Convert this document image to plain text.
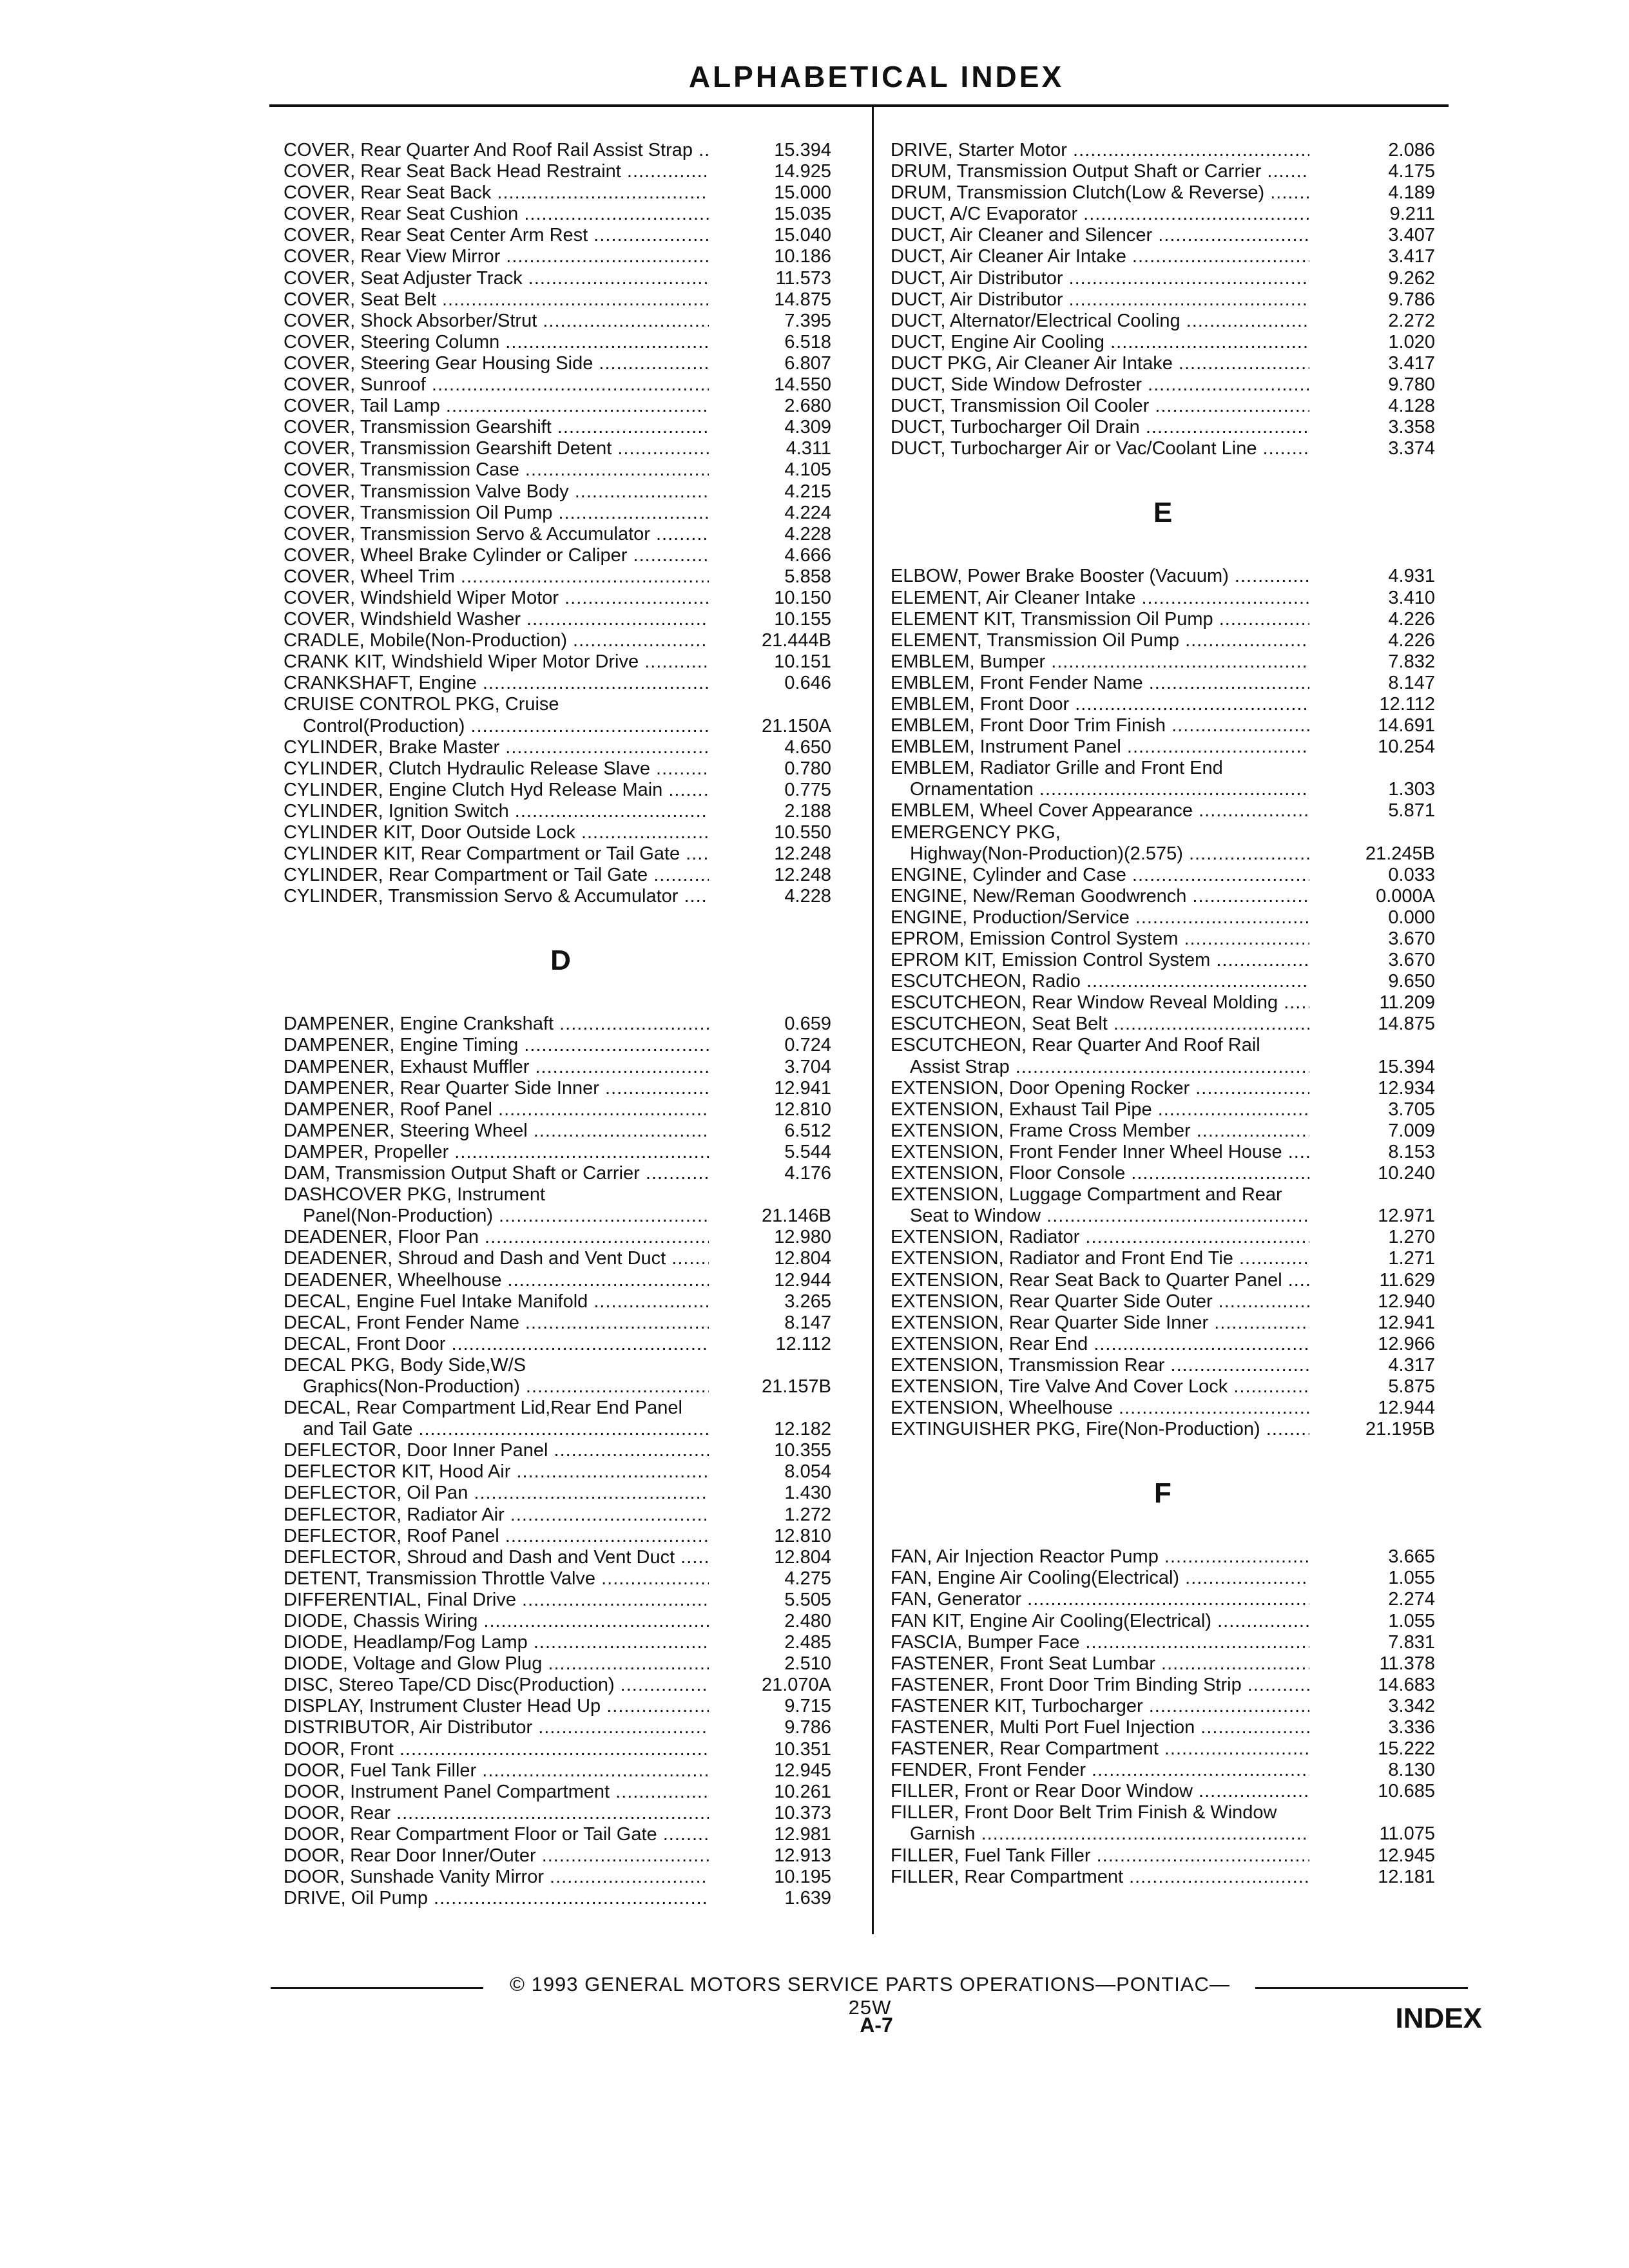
ALPHABETICAL INDEX
COVER, Rear Quarter And Roof Rail Assist Strap .....	15.394
COVER, Rear Seat Back Head Restraint .....	14.925
COVER, Rear Seat Back .....	15.000
COVER, Rear Seat Cushion .....	15.035
COVER, Rear Seat Center Arm Rest .....	15.040
COVER, Rear View Mirror .....	10.186
COVER, Seat Adjuster Track .....	11.573
COVER, Seat Belt .....	14.875
COVER, Shock Absorber/Strut .....	7.395
COVER, Steering Column .....	6.518
COVER, Steering Gear Housing Side .....	6.807
COVER, Sunroof .....	14.550
COVER, Tail Lamp .....	2.680
COVER, Transmission Gearshift .....	4.309
COVER, Transmission Gearshift Detent .....	4.311
COVER, Transmission Case .....	4.105
COVER, Transmission Valve Body .....	4.215
COVER, Transmission Oil Pump .....	4.224
COVER, Transmission Servo & Accumulator .....	4.228
COVER, Wheel Brake Cylinder or Caliper .....	4.666
COVER, Wheel Trim .....	5.858
COVER, Windshield Wiper Motor .....	10.150
COVER, Windshield Washer .....	10.155
CRADLE, Mobile(Non-Production) .....	21.444B
CRANK KIT, Windshield Wiper Motor Drive .....	10.151
CRANKSHAFT, Engine .....	0.646
CRUISE CONTROL PKG, Cruise
Control(Production) .....	21.150A
CYLINDER, Brake Master .....	4.650
CYLINDER, Clutch Hydraulic Release Slave .....	0.780
CYLINDER, Engine Clutch Hyd Release Main .....	0.775
CYLINDER, Ignition Switch .....	2.188
CYLINDER KIT, Door Outside Lock .....	10.550
CYLINDER KIT, Rear Compartment or Tail Gate .....	12.248
CYLINDER, Rear Compartment or Tail Gate .....	12.248
CYLINDER, Transmission Servo & Accumulator .....	4.228
D
DAMPENER, Engine Crankshaft .....	0.659
DAMPENER, Engine Timing .....	0.724
DAMPENER, Exhaust Muffler .....	3.704
DAMPENER, Rear Quarter Side Inner .....	12.941
DAMPENER, Roof Panel .....	12.810
DAMPENER, Steering Wheel .....	6.512
DAMPER, Propeller .....	5.544
DAM, Transmission Output Shaft or Carrier .....	4.176
DASHCOVER PKG, Instrument
Panel(Non-Production) .....	21.146B
DEADENER, Floor Pan .....	12.980
DEADENER, Shroud and Dash and Vent Duct .....	12.804
DEADENER, Wheelhouse .....	12.944
DECAL, Engine Fuel Intake Manifold .....	3.265
DECAL, Front Fender Name .....	8.147
DECAL, Front Door .....	12.112
DECAL PKG, Body Side,W/S
Graphics(Non-Production) .....	21.157B
DECAL, Rear Compartment Lid,Rear End Panel
and Tail Gate .....	12.182
DEFLECTOR, Door Inner Panel .....	10.355
DEFLECTOR KIT, Hood Air .....	8.054
DEFLECTOR, Oil Pan .....	1.430
DEFLECTOR, Radiator Air .....	1.272
DEFLECTOR, Roof Panel .....	12.810
DEFLECTOR, Shroud and Dash and Vent Duct .....	12.804
DETENT, Transmission Throttle Valve .....	4.275
DIFFERENTIAL, Final Drive .....	5.505
DIODE, Chassis Wiring .....	2.480
DIODE, Headlamp/Fog Lamp .....	2.485
DIODE, Voltage and Glow Plug .....	2.510
DISC, Stereo Tape/CD Disc(Production) .....	21.070A
DISPLAY, Instrument Cluster Head Up .....	9.715
DISTRIBUTOR, Air Distributor .....	9.786
DOOR, Front .....	10.351
DOOR, Fuel Tank Filler .....	12.945
DOOR, Instrument Panel Compartment .....	10.261
DOOR, Rear .....	10.373
DOOR, Rear Compartment Floor or Tail Gate .....	12.981
DOOR, Rear Door Inner/Outer .....	12.913
DOOR, Sunshade Vanity Mirror .....	10.195
DRIVE, Oil Pump .....	1.639
DRIVE, Starter Motor .....	2.086
DRUM, Transmission Output Shaft or Carrier .....	4.175
DRUM, Transmission Clutch(Low & Reverse) .....	4.189
DUCT, A/C Evaporator .....	9.211
DUCT, Air Cleaner and Silencer .....	3.407
DUCT, Air Cleaner Air Intake .....	3.417
DUCT, Air Distributor .....	9.262
DUCT, Air Distributor .....	9.786
DUCT, Alternator/Electrical Cooling .....	2.272
DUCT, Engine Air Cooling .....	1.020
DUCT PKG, Air Cleaner Air Intake .....	3.417
DUCT, Side Window Defroster .....	9.780
DUCT, Transmission Oil Cooler .....	4.128
DUCT, Turbocharger Oil Drain .....	3.358
DUCT, Turbocharger Air or Vac/Coolant Line .....	3.374
E
ELBOW, Power Brake Booster (Vacuum) .....	4.931
ELEMENT, Air Cleaner Intake .....	3.410
ELEMENT KIT, Transmission Oil Pump .....	4.226
ELEMENT, Transmission Oil Pump .....	4.226
EMBLEM, Bumper .....	7.832
EMBLEM, Front Fender Name .....	8.147
EMBLEM, Front Door .....	12.112
EMBLEM, Front Door Trim Finish .....	14.691
EMBLEM, Instrument Panel .....	10.254
EMBLEM, Radiator Grille and Front End
Ornamentation .....	1.303
EMBLEM, Wheel Cover Appearance .....	5.871
EMERGENCY PKG,
Highway(Non-Production)(2.575) .....	21.245B
ENGINE, Cylinder and Case .....	0.033
ENGINE, New/Reman Goodwrench .....	0.000A
ENGINE, Production/Service .....	0.000
EPROM, Emission Control System .....	3.670
EPROM KIT, Emission Control System .....	3.670
ESCUTCHEON, Radio .....	9.650
ESCUTCHEON, Rear Window Reveal Molding .....	11.209
ESCUTCHEON, Seat Belt .....	14.875
ESCUTCHEON, Rear Quarter And Roof Rail
Assist Strap .....	15.394
EXTENSION, Door Opening Rocker .....	12.934
EXTENSION, Exhaust Tail Pipe .....	3.705
EXTENSION, Frame Cross Member .....	7.009
EXTENSION, Front Fender Inner Wheel House .....	8.153
EXTENSION, Floor Console .....	10.240
EXTENSION, Luggage Compartment and Rear
Seat to Window .....	12.971
EXTENSION, Radiator .....	1.270
EXTENSION, Radiator and Front End Tie .....	1.271
EXTENSION, Rear Seat Back to Quarter Panel .....	11.629
EXTENSION, Rear Quarter Side Outer .....	12.940
EXTENSION, Rear Quarter Side Inner .....	12.941
EXTENSION, Rear End .....	12.966
EXTENSION, Transmission Rear .....	4.317
EXTENSION, Tire Valve And Cover Lock .....	5.875
EXTENSION, Wheelhouse .....	12.944
EXTINGUISHER PKG, Fire(Non-Production) .....	21.195B
F
FAN, Air Injection Reactor Pump .....	3.665
FAN, Engine Air Cooling(Electrical) .....	1.055
FAN, Generator .....	2.274
FAN KIT, Engine Air Cooling(Electrical) .....	1.055
FASCIA, Bumper Face .....	7.831
FASTENER, Front Seat Lumbar .....	11.378
FASTENER, Front Door Trim Binding Strip .....	14.683
FASTENER KIT, Turbocharger .....	3.342
FASTENER, Multi Port Fuel Injection .....	3.336
FASTENER, Rear Compartment .....	15.222
FENDER, Front Fender .....	8.130
FILLER, Front or Rear Door Window .....	10.685
FILLER, Front Door Belt Trim Finish & Window
Garnish .....	11.075
FILLER, Fuel Tank Filler .....	12.945
FILLER, Rear Compartment .....	12.181
© 1993 GENERAL MOTORS SERVICE PARTS OPERATIONS—PONTIAC—25W
A-7	INDEX
